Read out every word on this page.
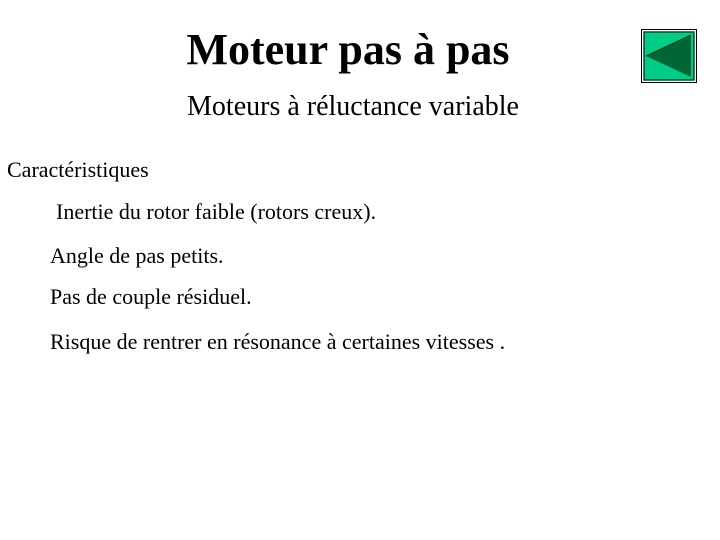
Moteur pas à pas
Moteurs à réluctance variable
Caractéristiques
Inertie du rotor faible (rotors creux).
Angle de pas petits.
Pas de couple résiduel.
Risque de rentrer en résonance à certaines vitesses .
